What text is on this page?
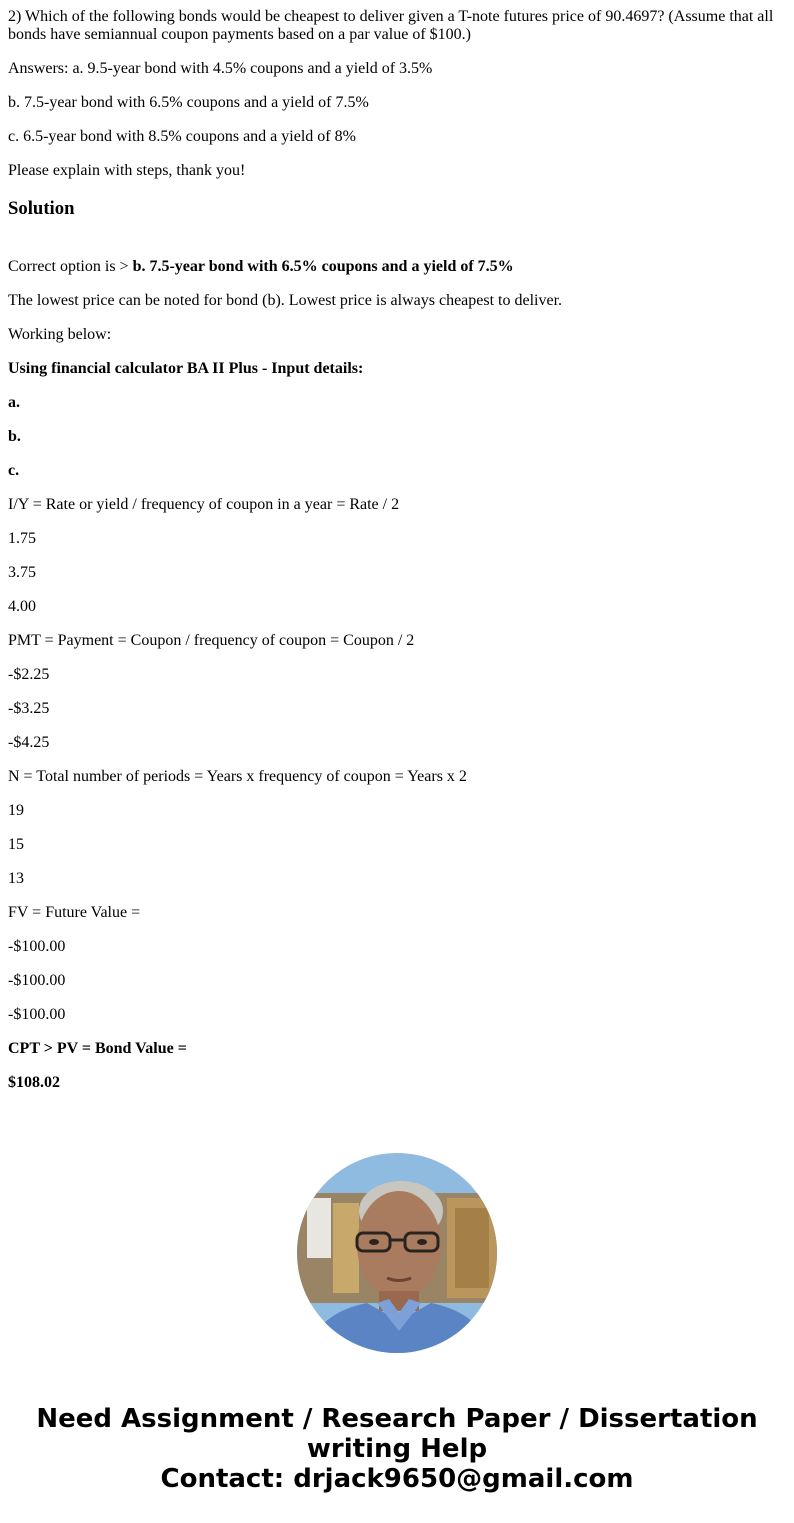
2) Which of the following bonds would be cheapest to deliver given a T-note futures price of 90.4697? (Assume that all bonds have semiannual coupon payments based on a par value of $100.)

Answers: a. 9.5-year bond with 4.5% coupons and a yield of 3.5%

b. 7.5-year bond with 6.5% coupons and a yield of 7.5%

c. 6.5-year bond with 8.5% coupons and a yield of 8%

Please explain with steps, thank you!

Solution

Correct option is > b. 7.5-year bond with 6.5% coupons and a yield of 7.5%

The lowest price can be noted for bond (b). Lowest price is always cheapest to deliver.

Working below:

Using financial calculator BA II Plus - Input details:

a.

b.

c.

I/Y = Rate or yield / frequency of coupon in a year = Rate / 2

1.75

3.75

4.00

PMT = Payment = Coupon / frequency of coupon = Coupon / 2

-$2.25

-$3.25

-$4.25

N = Total number of periods = Years x frequency of coupon = Years x 2

19

15

13

FV = Future Value =

-$100.00

-$100.00

-$100.00

CPT > PV = Bond Value =

$108.02

Need Assignment / Research Paper / Dissertation
writing Help
Contact: drjack9650@gmail.com
